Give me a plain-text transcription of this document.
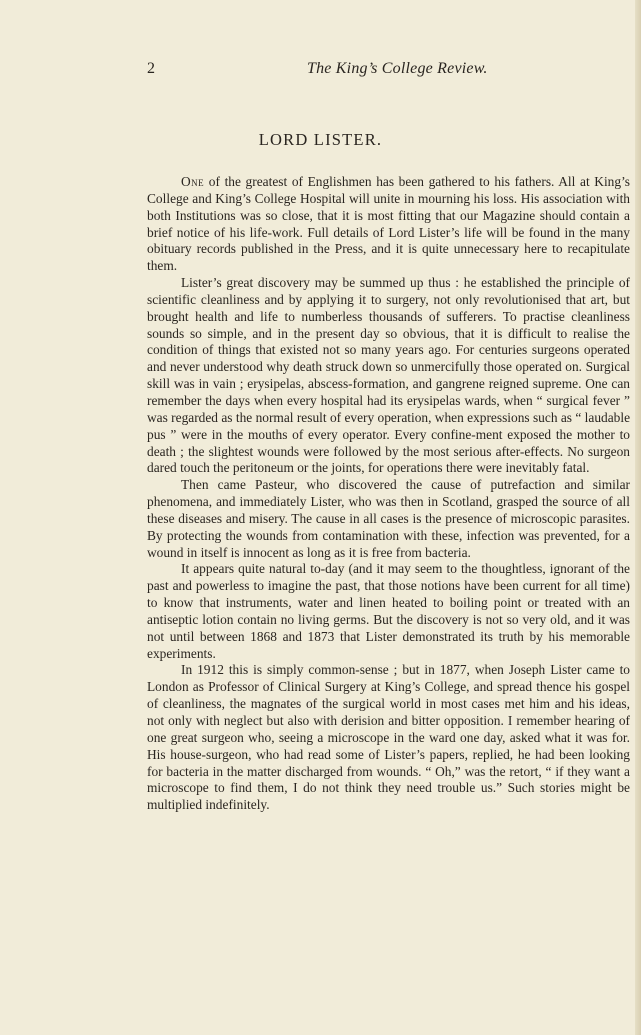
2	The King’s College Review.
LORD LISTER.

One of the greatest of Englishmen has been gathered to his fathers. All at King’s College and King’s College Hospital will unite in mourning his loss. His association with both Institutions was so close, that it is most fitting that our Magazine should contain a brief notice of his life-work. Full details of Lord Lister’s life will be found in the many obituary records published in the Press, and it is quite unnecessary here to recapitulate them.

Lister’s great discovery may be summed up thus : he established the principle of scientific cleanliness and by applying it to surgery, not only revolutionised that art, but brought health and life to numberless thousands of sufferers. To practise cleanliness sounds so simple, and in the present day so obvious, that it is difficult to realise the condition of things that existed not so many years ago. For centuries surgeons operated and never understood why death struck down so unmercifully those operated on. Surgical skill was in vain ; erysipelas, abscess-formation, and gangrene reigned supreme. One can remember the days when every hospital had its erysipelas wards, when “ surgical fever ” was regarded as the normal result of every operation, when expressions such as “ laudable pus ” were in the mouths of every operator. Every confine-ment exposed the mother to death ; the slightest wounds were followed by the most serious after-effects. No surgeon dared touch the peritoneum or the joints, for operations there were inevitably fatal.

Then came Pasteur, who discovered the cause of putrefaction and similar phenomena, and immediately Lister, who was then in Scotland, grasped the source of all these diseases and misery. The cause in all cases is the presence of microscopic parasites. By protecting the wounds from contamination with these, infection was prevented, for a wound in itself is innocent as long as it is free from bacteria.

It appears quite natural to-day (and it may seem to the thoughtless, ignorant of the past and powerless to imagine the past, that those notions have been current for all time) to know that instruments, water and linen heated to boiling point or treated with an antiseptic lotion contain no living germs. But the discovery is not so very old, and it was not until between 1868 and 1873 that Lister demonstrated its truth by his memorable experiments.

In 1912 this is simply common-sense ; but in 1877, when Joseph Lister came to London as Professor of Clinical Surgery at King’s College, and spread thence his gospel of cleanliness, the magnates of the surgical world in most cases met him and his ideas, not only with neglect but also with derision and bitter opposition. I remember hearing of one great surgeon who, seeing a microscope in the ward one day, asked what it was for. His house-surgeon, who had read some of Lister’s papers, replied, he had been looking for bacteria in the matter discharged from wounds. “ Oh,” was the retort, “ if they want a microscope to find them, I do not think they need trouble us.” Such stories might be multiplied indefinitely.
